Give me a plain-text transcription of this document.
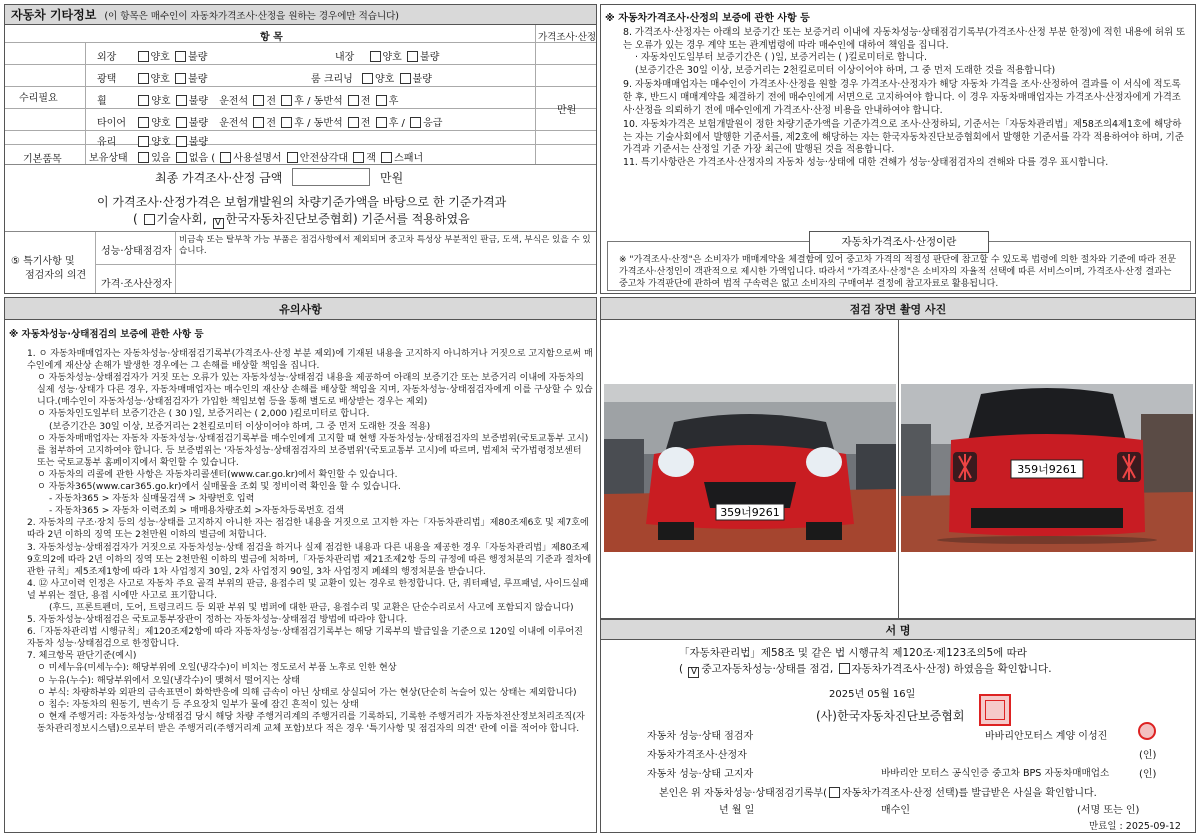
자동차 기타정보 (이 항목은 매수인이 자동차가격조사·산정을 원하는 경우에만 적습니다)
항 목	가격조사·산정
수리필요
기본품목
만원
외장	양호 불량	내장	양호 불량
광택	양호 불량	룸 크리닝 양호 불량
휠	양호 불량 운전석 전 후 / 동반석 전 후
타이어	양호 불량 운전석 전 후 / 동반석 전 후 / 응급
유리	양호 불량
보유상태 있음 없음 ( 사용설명서 안전삼각대 잭 스패너
최종 가격조사·산정 금액	만원
이 가격조사·산정가격은 보험개발원의 차량기준가액을 바탕으로 한 기준가격과
( 기술사회, V 한국자동차진단보증협회) 기준서를 적용하였음
⑤ 특기사항 및
점검자의 의견
성능·상태점검자
비금속 또는 탈부착 가능 부품은 점검사항에서 제외되며 중고차 특성상 부분적인 판금, 도색, 부식은 있을 수 있습니다.
가격·조사산정자
※ 자동차가격조사·산정의 보증에 관한 사항 등
8. 가격조사·산정자는 아래의 보증기간 또는 보증거리 이내에 자동차성능·상태점검기록부(가격조사·산정 부분 한정)에 적힌 내용에 허위 또는 오류가 있는 경우 계약 또는 관계법령에 따라 매수인에 대하여 책임을 집니다.
· 자동차인도일부터 보증기간은 ( )일, 보증거리는 ( )킬로미터로 합니다.
(보증기간은 30일 이상, 보증거리는 2천킬로미터 이상이어야 하며, 그 중 먼저 도래한 것을 적용합니다)
9. 자동차매매업자는 매수인이 가격조사·산정을 원할 경우 가격조사·산정자가 해당 자동차 가격을 조사·산정하여 결과를 이 서식에 적도록 한 후, 반드시 매매계약을 체결하기 전에 매수인에게 서면으로 고지하여야 합니다. 이 경우 자동차매매업자는 가격조사·산정자에게 가격조사·산정을 의뢰하기 전에 매수인에게 가격조사·산정 비용을 안내하여야 합니다.
10. 자동차가격은 보험개발원이 정한 차량기준가액을 기준가격으로 조사·산정하되, 기준서는「자동차관리법」제58조의4제1호에 해당하는 자는 기술사회에서 발행한 기준서를, 제2호에 해당하는 자는 한국자동차진단보증협회에서 발행한 기준서를 각각 적용하여야 하며, 기준가격과 기준서는 산정일 기준 가장 최근에 발행된 것을 적용합니다.
11. 특기사항란은 가격조사·산정자의 자동차 성능·상태에 대한 견해가 성능·상태점검자의 견해와 다를 경우 표시합니다.
자동차가격조사·산정이란
※ "가격조사·산정"은 소비자가 매매계약을 체결함에 있어 중고차 가격의 적절성 판단에 참고할 수 있도록 법령에 의한 절차와 기준에 따라 전문 가격조사·산정인이 객관적으로 제시한 가액입니다. 따라서 "가격조사·산정"은 소비자의 자율적 선택에 따른 서비스이며, 가격조사·산정 결과는 중고차 가격판단에 관하여 법적 구속력은 없고 소비자의 구매여부 결정에 참고자료로 활용됩니다.
유의사항
※ 자동차성능·상태점검의 보증에 관한 사항 등
1. ㅇ 자동차매매업자는 자동차성능·상태점검기록부(가격조사·산정 부분 제외)에 기재된 내용을 고지하지 아니하거나 거짓으로 고지함으로써 매수인에게 재산상 손해가 발생한 경우에는 그 손해를 배상할 책임을 집니다.
ㅇ 자동차성능·상태점검자가 거짓 또는 오류가 있는 자동차성능·상태점검 내용을 제공하여 아래의 보증기간 또는 보증거리 이내에 자동차의 실제 성능·상태가 다른 경우, 자동차매매업자는 매수인의 재산상 손해를 배상할 책임을 지며, 자동차성능·상태점검자에게 이를 구상할 수 있습니다.(매수인이 자동차성능·상태점검자가 가입한 책임보험 등을 통해 별도로 배상받는 경우는 제외)
ㅇ 자동차인도일부터 보증기간은 ( 30 )일, 보증거리는 ( 2,000 )킬로미터로 합니다.
(보증기간은 30일 이상, 보증거리는 2천킬로미터 이상이어야 하며, 그 중 먼저 도래한 것을 적용)
ㅇ 자동차매매업자는 자동차 자동차성능·상태점검기록부를 매수인에게 고지할 때 현행 자동차성능·상태점검자의 보증범위(국토교통부 고시)를 첨부하여 고지하여야 합니다. 등 보증범위는 '자동차성능·상태점검자의 보증범위'(국토교통부 고시)에 따르며, 법제처 국가법령정보센터 또는 국토교통부 홈페이지에서 확인할 수 있습니다.
ㅇ 자동차의 리콜에 관한 사항은 자동차리콜센터(www.car.go.kr)에서 확인할 수 있습니다.
ㅇ 자동차365(www.car365.go.kr)에서 실매물을 조회 및 정비이력 확인을 할 수 있습니다.
- 자동차365 > 자동차 실매물검색 > 차량번호 입력
- 자동차365 > 자동차 이력조회 > 매매용차량조회 >자동차등록번호 검색
2. 자동차의 구조·장치 등의 성능·상태를 고지하지 아니한 자는 점검한 내용을 거짓으로 고지한 자는「자동차관리법」제80조제6호 및 제7호에 따라 2년 이하의 징역 또는 2천만원 이하의 벌금에 처합니다.
3. 자동차성능·상태점검자가 거짓으로 자동차성능·상태 점검을 하거나 실제 점검한 내용과 다른 내용을 제공한 경우「자동차관리법」제80조제9호의2에 따라 2년 이하의 징역 또는 2천만원 이하의 벌금에 처하며,「자동차관리법 제21조제2항 등의 규정에 따른 행정처분의 기준과 절차에 관한 규칙」제5조제1항에 따라 1차 사업정지 30일, 2차 사업정지 90일, 3차 사업정지 폐쇄의 행정처분을 받습니다.
4. ⑫ 사고이력 인정은 사고로 자동차 주요 골격 부위의 판금, 용접수리 및 교환이 있는 경우로 한정합니다. 단, 쿼터패널, 루프패널, 사이드실패널 부위는 절단, 용접 시에만 사고로 표기합니다.
(후드, 프론트펜더, 도어, 트렁크리드 등 외판 부위 및 범퍼에 대한 판금, 용접수리 및 교환은 단순수리로서 사고에 포함되지 않습니다)
5. 자동차성능·상태점검은 국토교통부장관이 정하는 자동차성능·상태점검 방법에 따라야 합니다.
6.「자동차관리법 시행규칙」제120조제2항에 따라 자동차성능·상태점검기록부는 해당 기록부의 발급일을 기준으로 120일 이내에 이루어진 자동차 성능·상태점검으로 한정합니다.
7. 체크항목 판단기준(예시)
ㅇ 미세누유(미세누수): 해당부위에 오일(냉각수)이 비치는 정도로서 부품 노후로 인한 현상
ㅇ 누유(누수): 해당부위에서 오일(냉각수)이 맺혀서 떨어지는 상태
ㅇ 부식: 차량하부와 외판의 금속표면이 화학반응에 의해 금속이 아닌 상태로 상실되어 가는 현상(단순히 녹슬어 있는 상태는 제외합니다)
ㅇ 침수: 자동차의 원동기, 변속기 등 주요장치 일부가 물에 잠긴 흔적이 있는 상태
ㅇ 현재 주행거리: 자동차성능·상태점검 당시 해당 차량 주행거리계의 주행거리를 기록하되, 기록한 주행거리가 자동차전산정보처리조직(자동차관리정보시스템)으로부터 받은 주행거리(주행거리계 교체 포함)보다 적은 경우 '특기사항 및 점검자의 의견' 란에 이를 적어야 합니다.
점검 장면 촬영 사진
359너9261
359너9261
서 명
「자동차관리법」제58조 및 같은 법 시행규칙 제120조·제123조의5에 따라
( V 중고자동차성능·상태를 점검, 자동차가격조사·산정) 하였음을 확인합니다.
2025년 05월 16일
(사)한국자동차진단보증협회
자동차 성능·상태 점검자	바바리안모터스 계양 이성진
자동차가격조사·산정자	(인)
자동차 성능·상태 고지자	바바리안 모터스 공식인증 중고차 BPS 자동차매매업소	(인)
본인은 위 자동차성능·상태점검기록부( 자동차가격조사·산정 선택)를 발급받은 사실을 확인합니다.
년 월 일	매수인	(서명 또는 인)
만료일 : 2025-09-12
